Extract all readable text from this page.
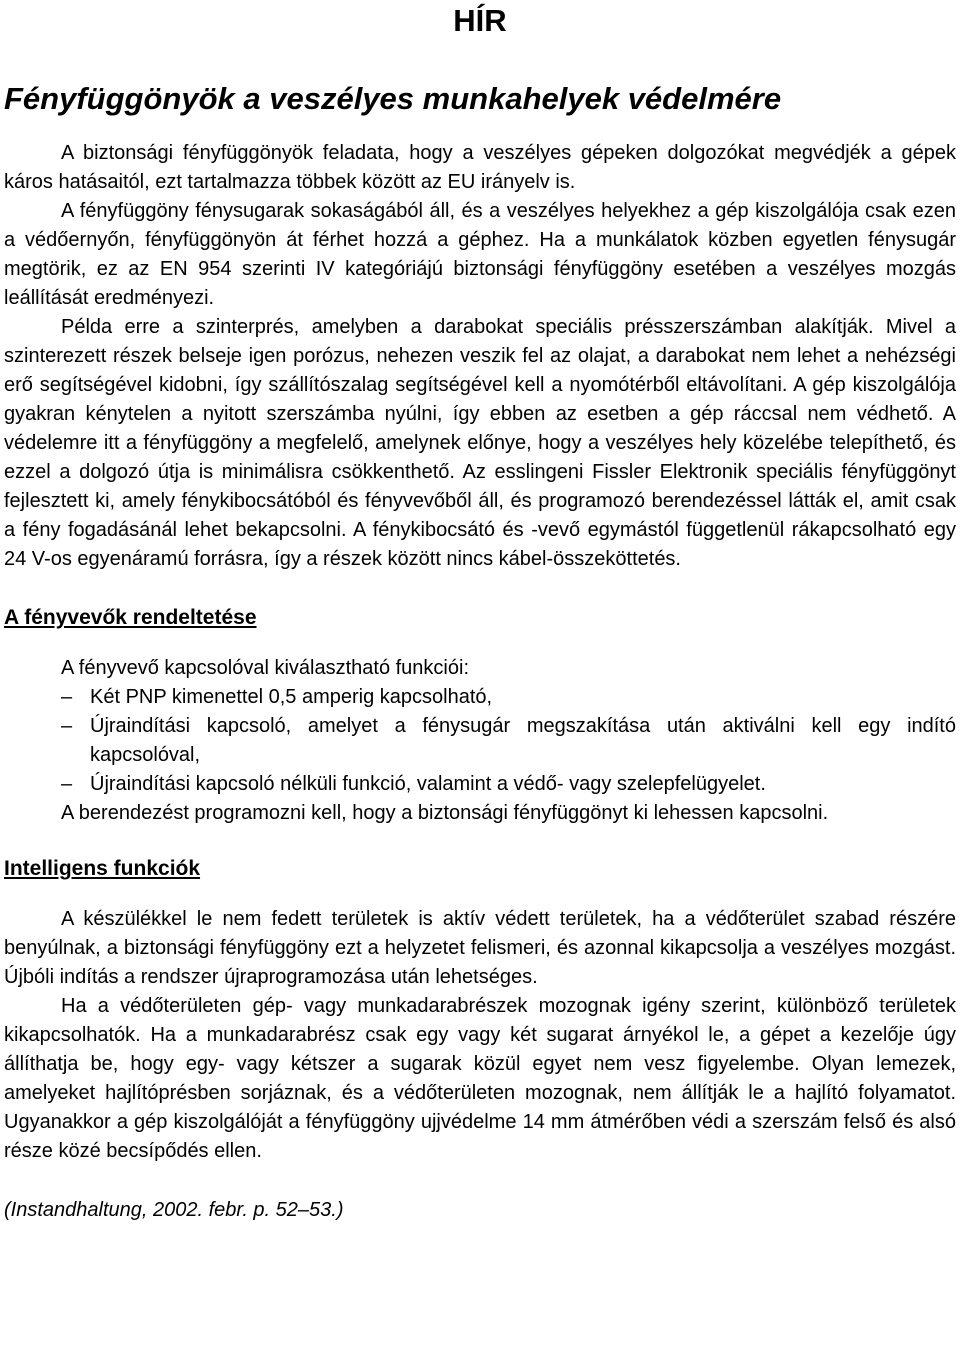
HÍR
Fényfüggönyök a veszélyes munkahelyek védelmére

A biztonsági fényfüggönyök feladata, hogy a veszélyes gépeken dolgozókat megvédjék a gépek káros hatásaitól, ezt tartalmazza többek között az EU irányelv is.

A fényfüggöny fénysugarak sokaságából áll, és a veszélyes helyekhez a gép kiszolgálója csak ezen a védőernyőn, fényfüggönyön át férhet hozzá a géphez. Ha a munkálatok közben egyetlen fénysugár megtörik, ez az EN 954 szerinti IV kategóriájú biztonsági fényfüggöny esetében a veszélyes mozgás leállítását eredményezi.

Példa erre a szinterprés, amelyben a darabokat speciális présszerszámban alakítják. Mivel a szinterezett részek belseje igen porózus, nehezen veszik fel az olajat, a darabokat nem lehet a nehézségi erő segítségével kidobni, így szállítószalag segítségével kell a nyomótérből eltávolítani. A gép kiszolgálója gyakran kénytelen a nyitott szerszámba nyúlni, így ebben az esetben a gép ráccsal nem védhető. A védelemre itt a fényfüggöny a megfelelő, amelynek előnye, hogy a veszélyes hely közelébe telepíthető, és ezzel a dolgozó útja is minimálisra csökkenthető. Az esslingeni Fissler Elektronik speciális fényfüggönyt fejlesztett ki, amely fénykibocsátóból és fényvevőből áll, és programozó berendezéssel látták el, amit csak a fény fogadásánál lehet bekapcsolni. A fénykibocsátó és -vevő egymástól függetlenül rákapcsolható egy 24 V-os egyenáramú forrásra, így a részek között nincs kábel-összeköttetés.

A fényvevők rendeltetése

A fényvevő kapcsolóval kiválasztható funkciói:

– Két PNP kimenettel 0,5 amperig kapcsolható,
– Újraindítási kapcsoló, amelyet a fénysugár megszakítása után aktiválni kell egy indító kapcsolóval,
– Újraindítási kapcsoló nélküli funkció, valamint a védő- vagy szelepfelügyelet.

A berendezést programozni kell, hogy a biztonsági fényfüggönyt ki lehessen kapcsolni.

Intelligens funkciók

A készülékkel le nem fedett területek is aktív védett területek, ha a védőterület szabad részére benyúlnak, a biztonsági fényfüggöny ezt a helyzetet felismeri, és azonnal kikapcsolja a veszélyes mozgást. Újbóli indítás a rendszer újraprogramozása után lehetséges.

Ha a védőterületen gép- vagy munkadarabrészek mozognak igény szerint, különböző területek kikapcsolhatók. Ha a munkadarabrész csak egy vagy két sugarat árnyékol le, a gépet a kezelője úgy állíthatja be, hogy egy- vagy kétszer a sugarak közül egyet nem vesz figyelembe. Olyan lemezek, amelyeket hajlítóprésben sorjáznak, és a védőterületen mozognak, nem állítják le a hajlító folyamatot. Ugyanakkor a gép kiszolgálóját a fényfüggöny ujjvédelme 14 mm átmérőben védi a szerszám felső és alsó része közé becsípődés ellen.

(Instandhaltung, 2002. febr. p. 52–53.)
